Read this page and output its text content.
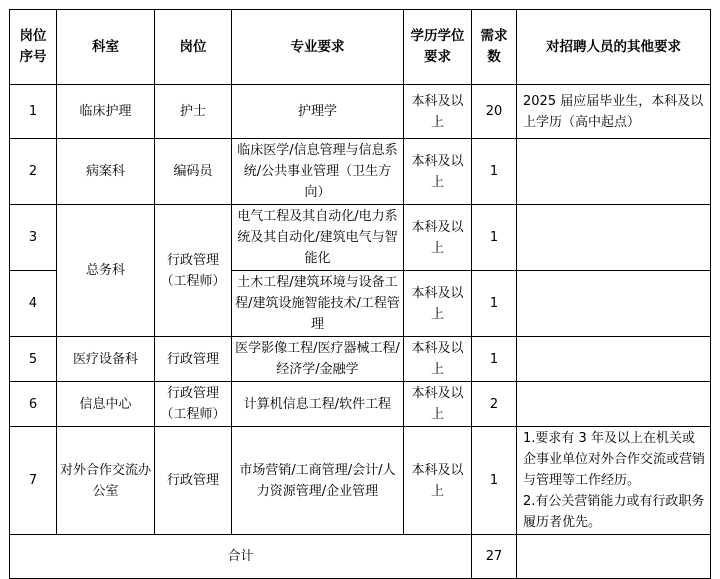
岗位序号	科室	岗位	专业要求	学历学位要求	需求数	对招聘人员的其他要求
1	临床护理	护士	护理学	本科及以上	20	2025 届应届毕业生，本科及以上学历（高中起点）
2	病案科	编码员	临床医学/信息管理与信息系统/公共事业管理（卫生方向）	本科及以上	1	
3	总务科	行政管理（工程师）	电气工程及其自动化/电力系统及其自动化/建筑电气与智能化	本科及以上	1	
4			土木工程/建筑环境与设备工程/建筑设施智能技术/工程管理	本科及以上	1	
5	医疗设备科	行政管理	医学影像工程/医疗器械工程/经济学/金融学	本科及以上	1	
6	信息中心	行政管理（工程师）	计算机信息工程/软件工程	本科及以上	2	
7	对外合作交流办公室	行政管理	市场营销/工商管理/会计/人力资源管理/企业管理	本科及以上	1	1.要求有 3 年及以上在机关或企事业单位对外合作交流或营销与管理等工作经历。
2.有公关营销能力或有行政职务履历者优先。

合计					27	
